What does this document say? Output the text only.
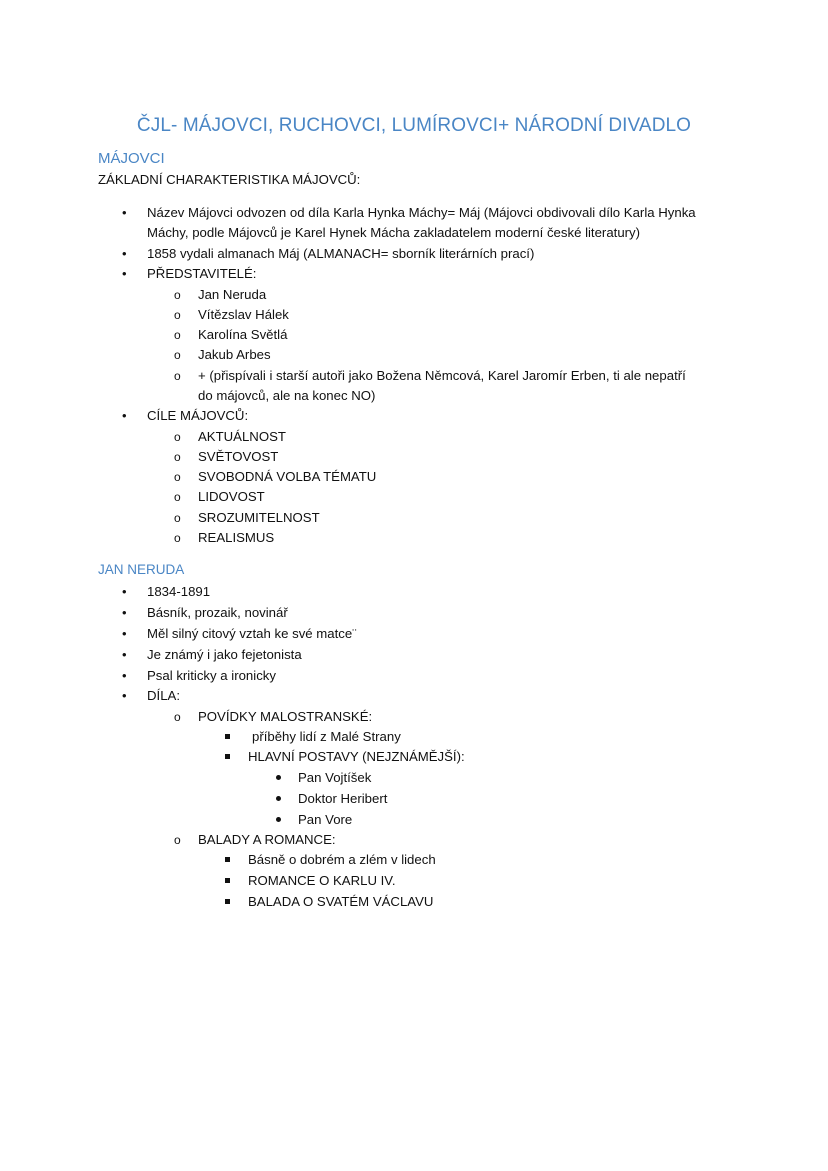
ČJL- MÁJOVCI, RUCHOVCI, LUMÍROVCI+ NÁRODNÍ DIVADLO
MÁJOVCI
ZÁKLADNÍ CHARAKTERISTIKA MÁJOVCŮ:
• Název Májovci odvozen od díla Karla Hynka Máchy= Máj (Májovci obdivovali dílo Karla Hynka
Máchy, podle Májovců je Karel Hynek Mácha zakladatelem moderní české literatury)
• 1858 vydali almanach Máj (ALMANACH= sborník literárních prací)
• PŘEDSTAVITELÉ:
o Jan Neruda
o Vítězslav Hálek
o Karolína Světlá
o Jakub Arbes
o + (přispívali i starší autoři jako Božena Němcová, Karel Jaromír Erben, ti ale nepatří
do májovců, ale na konec NO)
• CÍLE MÁJOVCŮ:
o AKTUÁLNOST
o SVĚTOVOST
o SVOBODNÁ VOLBA TÉMATU
o LIDOVOST
o SROZUMITELNOST
o REALISMUS
JAN NERUDA
• 1834-1891
• Básník, prozaik, novinář
• Měl silný citový vztah ke své matce¨
• Je známý i jako fejetonista
• Psal kriticky a ironicky
• DÍLA:
o POVÍDKY MALOSTRANSKÉ:
příběhy lidí z Malé Strany
HLAVNÍ POSTAVY (NEJZNÁMĚJŠÍ):
Pan Vojtíšek
Doktor Heribert
Pan Vore
o BALADY A ROMANCE:
Básně o dobrém a zlém v lidech
ROMANCE O KARLU IV.
BALADA O SVATÉM VÁCLAVU
